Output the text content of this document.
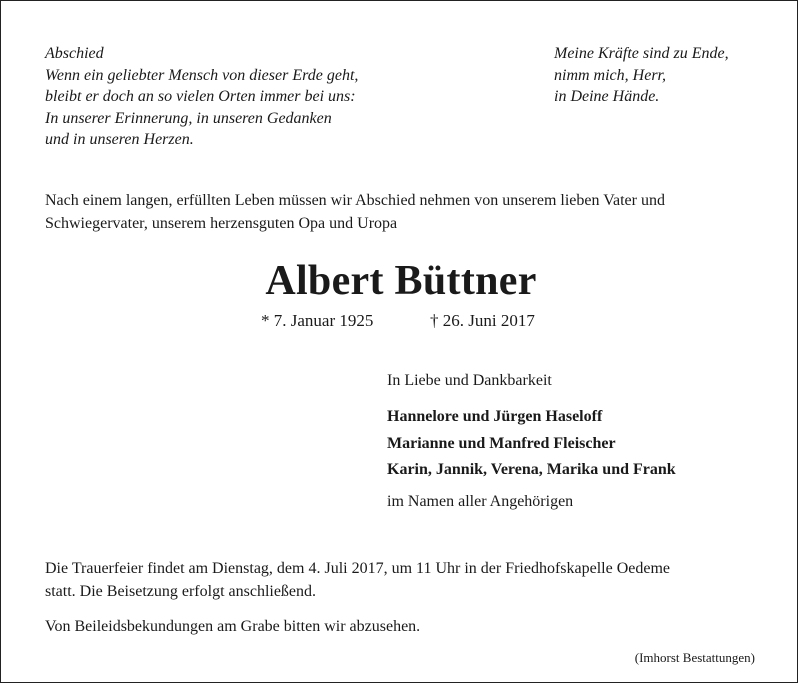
Abschied
Wenn ein geliebter Mensch von dieser Erde geht,
bleibt er doch an so vielen Orten immer bei uns:
In unserer Erinnerung, in unseren Gedanken
und in unseren Herzen.
Meine Kräfte sind zu Ende,
nimm mich, Herr,
in Deine Hände.
Nach einem langen, erfüllten Leben müssen wir Abschied nehmen von unserem lieben Vater und
Schwiegervater, unserem herzensguten Opa und Uropa
Albert Büttner
* 7. Januar 1925	† 26. Juni 2017
In Liebe und Dankbarkeit
Hannelore und Jürgen Haseloff
Marianne und Manfred Fleischer
Karin, Jannik, Verena, Marika und Frank
im Namen aller Angehörigen
Die Trauerfeier findet am Dienstag, dem 4. Juli 2017, um 11 Uhr in der Friedhofskapelle Oedeme
statt. Die Beisetzung erfolgt anschließend.
Von Beileidsbekundungen am Grabe bitten wir abzusehen.
(Imhorst Bestattungen)
